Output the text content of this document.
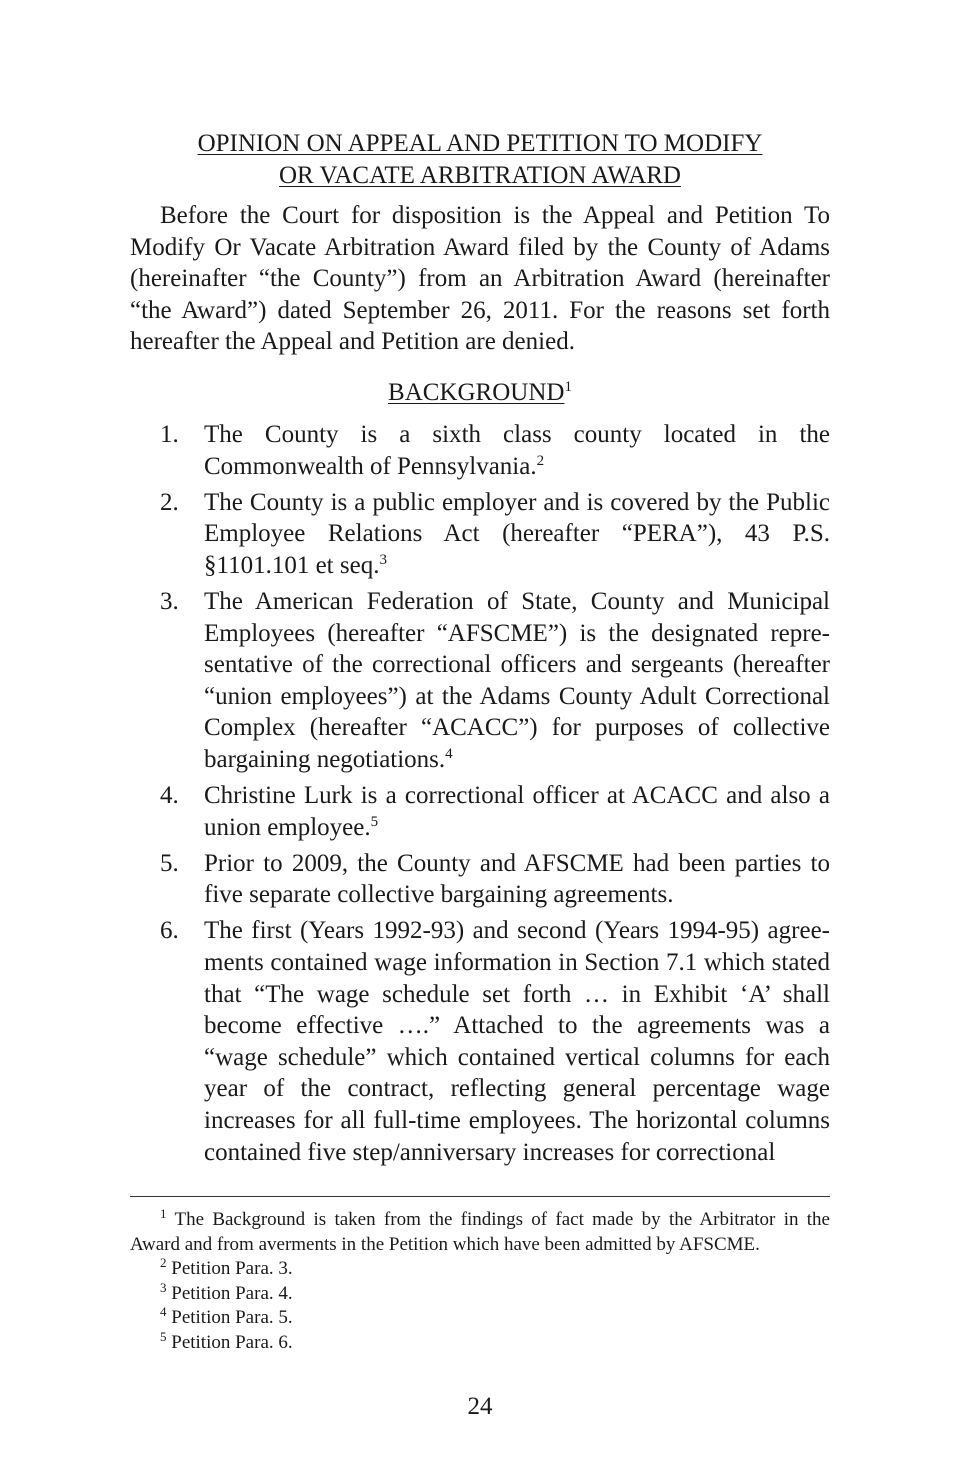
OPINION ON APPEAL AND PETITION TO MODIFY
OR VACATE ARBITRATION AWARD

Before the Court for disposition is the Appeal and Petition To Modify Or Vacate Arbitration Award filed by the County of Adams (hereinafter “the County”) from an Arbitration Award (hereinafter “the Award”) dated September 26, 2011. For the reasons set forth hereafter the Appeal and Petition are denied.

BACKGROUND$^1$
1. The County is a sixth class county located in the Commonwealth of Pennsylvania.$^2$
2. The County is a public employer and is covered by the Public Employee Relations Act (hereafter “PERA”), 43 P.S. §1101.101 et seq.$^3$
3. The American Federation of State, County and Municipal Employees (hereafter “AFSCME”) is the designated representative of the correctional officers and sergeants (hereafter “union employees”) at the Adams County Adult Correctional Complex (hereafter “ACACC”) for purposes of collective bargaining negotiations.$^4$
4. Christine Lurk is a correctional officer at ACACC and also a union employee.$^5$
5. Prior to 2009, the County and AFSCME had been parties to five separate collective bargaining agreements.
6. The first (Years 1992-93) and second (Years 1994-95) agreements contained wage information in Section 7.1 which stated that “The wage schedule set forth … in Exhibit ‘A’ shall become effective ….” Attached to the agreements was a “wage schedule” which contained vertical columns for each year of the contract, reflecting general percentage wage increases for all full-time employees. The horizontal columns contained five step/anniversary increases for correctional

$^1$ The Background is taken from the findings of fact made by the Arbitrator in the Award and from averments in the Petition which have been admitted by AFSCME.

$^2$ Petition Para. 3.

$^3$ Petition Para. 4.

$^4$ Petition Para. 5.

$^5$ Petition Para. 6.

24
